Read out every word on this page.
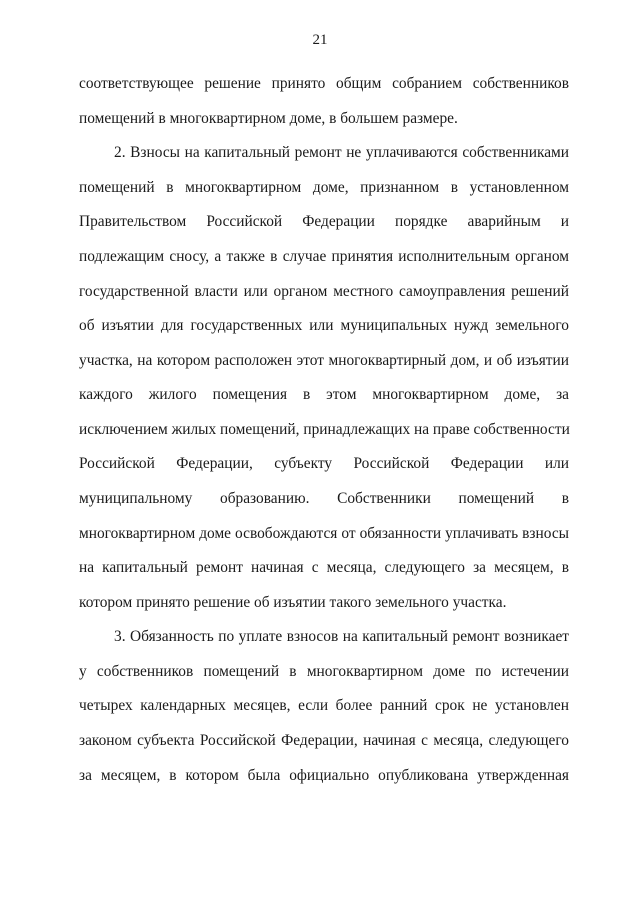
21
соответствующее решение принято общим собранием собственников
помещений в многоквартирном доме, в большем размере.
2. Взносы на капитальный ремонт не уплачиваются собственниками
помещений в многоквартирном доме, признанном в установленном
Правительством Российской Федерации порядке аварийным и
подлежащим сносу, а также в случае принятия исполнительным органом
государственной власти или органом местного самоуправления решений
об изъятии для государственных или муниципальных нужд земельного
участка, на котором расположен этот многоквартирный дом, и об изъятии
каждого жилого помещения в этом многоквартирном доме, за
исключением жилых помещений, принадлежащих на праве собственности
Российской Федерации, субъекту Российской Федерации или
муниципальному образованию. Собственники помещений в
многоквартирном доме освобождаются от обязанности уплачивать взносы
на капитальный ремонт начиная с месяца, следующего за месяцем, в
котором принято решение об изъятии такого земельного участка.
3. Обязанность по уплате взносов на капитальный ремонт возникает
у собственников помещений в многоквартирном доме по истечении
четырех календарных месяцев, если более ранний срок не установлен
законом субъекта Российской Федерации, начиная с месяца, следующего
за месяцем, в котором была официально опубликована утвержденная
